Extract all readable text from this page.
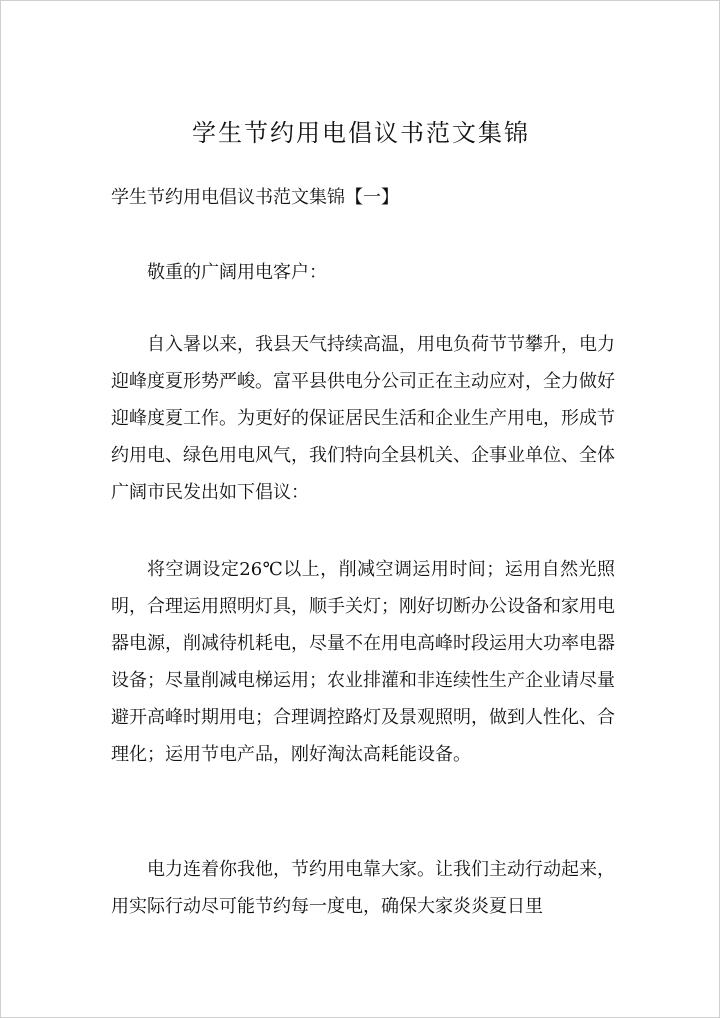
学生节约用电倡议书范文集锦
学生节约用电倡议书范文集锦【一】

敬重的广阔用电客户：

自入暑以来，我县天气持续高温，用电负荷节节攀升，电力迎峰度夏形势严峻。富平县供电分公司正在主动应对，全力做好迎峰度夏工作。为更好的保证居民生活和企业生产用电，形成节约用电、绿色用电风气，我们特向全县机关、企事业单位、全体广阔市民发出如下倡议：

将空调设定26℃以上，削减空调运用时间；运用自然光照明，合理运用照明灯具，顺手关灯；刚好切断办公设备和家用电器电源，削减待机耗电，尽量不在用电高峰时段运用大功率电器设备；尽量削减电梯运用；农业排灌和非连续性生产企业请尽量避开高峰时期用电；合理调控路灯及景观照明，做到人性化、合理化；运用节电产品，刚好淘汰高耗能设备。

电力连着你我他，节约用电靠大家。让我们主动行动起来，用实际行动尽可能节约每一度电，确保大家炎炎夏日里
